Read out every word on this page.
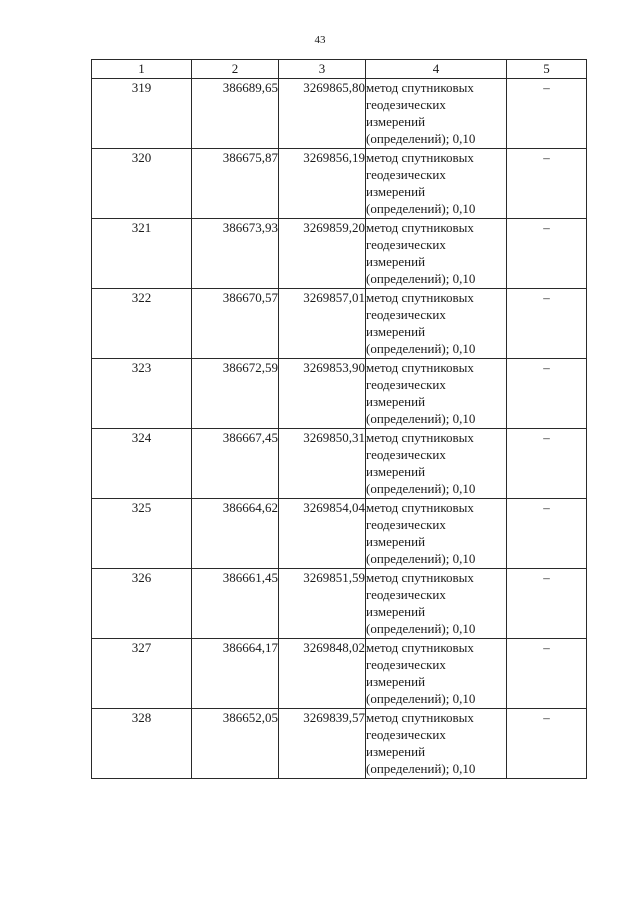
43
1	2	3	4	5
319	386689,65	3269865,80	метод спутниковых
геодезических
измерений
(определений); 0,10	–
320	386675,87	3269856,19	метод спутниковых
геодезических
измерений
(определений); 0,10	–
321	386673,93	3269859,20	метод спутниковых
геодезических
измерений
(определений); 0,10	–
322	386670,57	3269857,01	метод спутниковых
геодезических
измерений
(определений); 0,10	–
323	386672,59	3269853,90	метод спутниковых
геодезических
измерений
(определений); 0,10	–
324	386667,45	3269850,31	метод спутниковых
геодезических
измерений
(определений); 0,10	–
325	386664,62	3269854,04	метод спутниковых
геодезических
измерений
(определений); 0,10	–
326	386661,45	3269851,59	метод спутниковых
геодезических
измерений
(определений); 0,10	–
327	386664,17	3269848,02	метод спутниковых
геодезических
измерений
(определений); 0,10	–
328	386652,05	3269839,57	метод спутниковых
геодезических
измерений
(определений); 0,10	–
